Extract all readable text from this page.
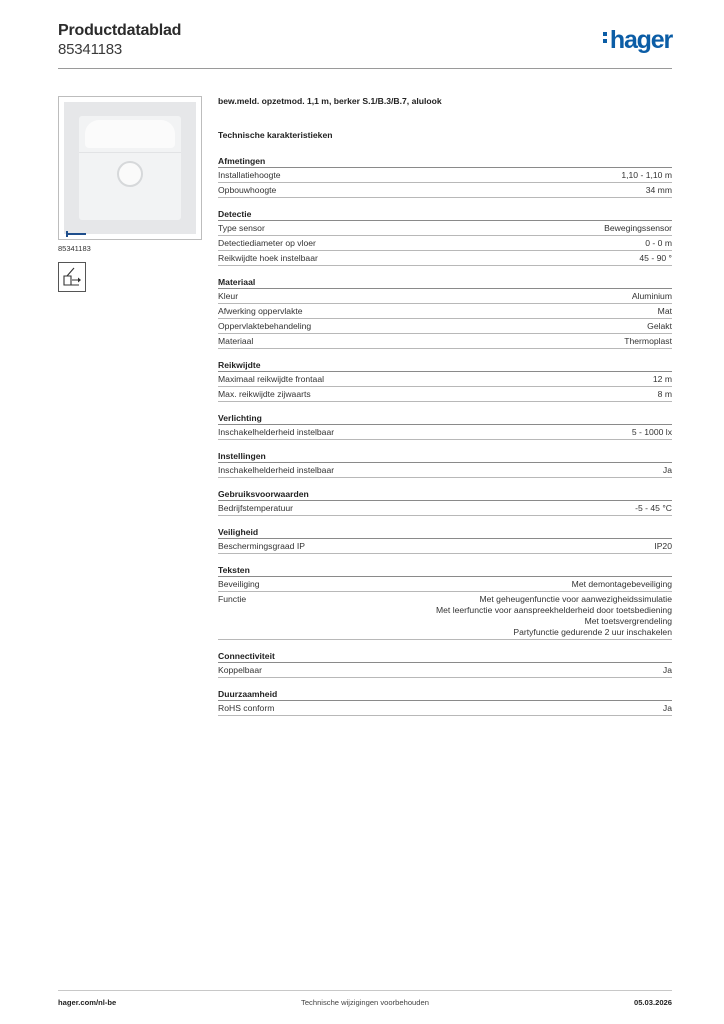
Productdatablad
85341183	hager
85341183
bew.meld. opzetmod. 1,1 m, berker S.1/B.3/B.7, alulook
Technische karakteristieken
Afmetingen
Installatiehoogte	1,10 - 1,10 m
Opbouwhoogte	34 mm
Detectie
Type sensor	Bewegingssensor
Detectiediameter op vloer	0 - 0 m
Reikwijdte hoek instelbaar	45 - 90 °
Materiaal
Kleur	Aluminium
Afwerking oppervlakte	Mat
Oppervlaktebehandeling	Gelakt
Materiaal	Thermoplast
Reikwijdte
Maximaal reikwijdte frontaal	12 m
Max. reikwijdte zijwaarts	8 m
Verlichting
Inschakelhelderheid instelbaar	5 - 1000 lx
Instellingen
Inschakelhelderheid instelbaar	Ja
Gebruiksvoorwaarden
Bedrijfstemperatuur	-5 - 45 °C
Veiligheid
Beschermingsgraad IP	IP20
Teksten
Beveiliging	Met demontagebeveiliging
Functie	Met geheugenfunctie voor aanwezigheidssimulatie
Met leerfunctie voor aanspreekhelderheid door toetsbediening
Met toetsvergrendeling
Partyfunctie gedurende 2 uur inschakelen
Connectiviteit
Koppelbaar	Ja
Duurzaamheid
RoHS conform	Ja
hager.com/nl-be	Technische wijzigingen voorbehouden	05.03.2026
